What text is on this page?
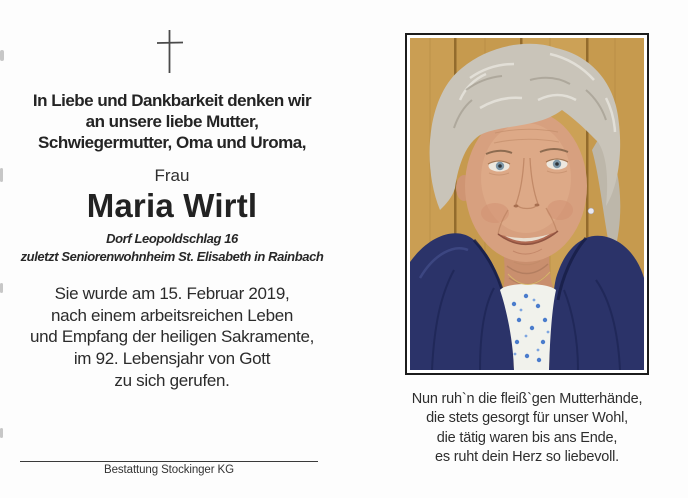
In Liebe und Dankbarkeit denken wir
an unsere liebe Mutter,
Schwiegermutter, Oma und Uroma,
Frau
Maria Wirtl
Dorf Leopoldschlag 16
zuletzt Seniorenwohnheim St. Elisabeth in Rainbach
Sie wurde am 15. Februar 2019,
nach einem arbeitsreichen Leben
und Empfang der heiligen Sakramente,
im 92. Lebensjahr von Gott
zu sich gerufen.
Bestattung Stockinger KG
Nun ruh`n die fleiß`gen Mutterhände,
die stets gesorgt für unser Wohl,
die tätig waren bis ans Ende,
es ruht dein Herz so liebevoll.
